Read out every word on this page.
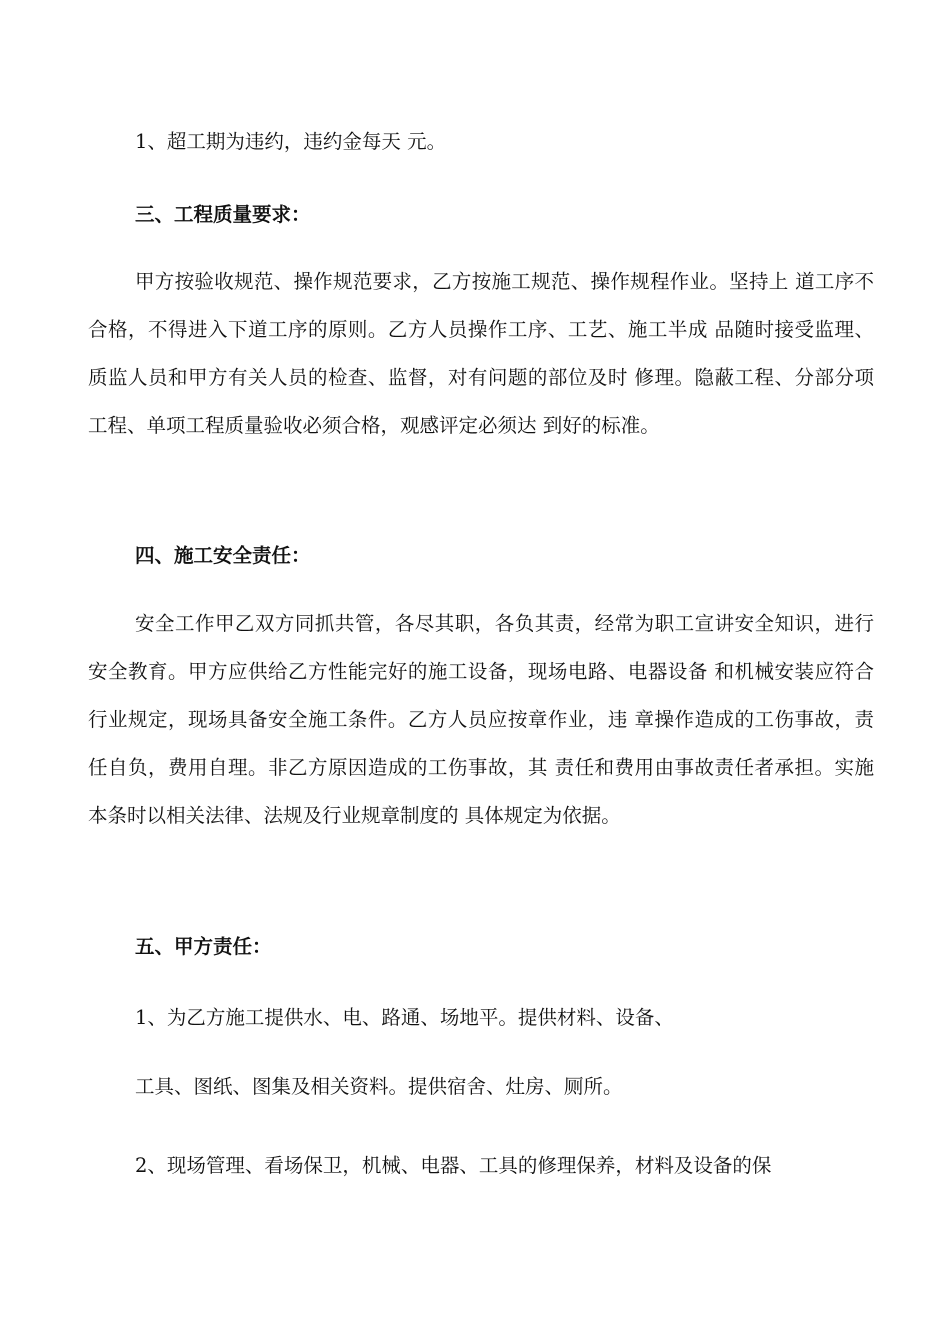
1、超工期为违约，违约金每天 元。
三、工程质量要求：
甲方按验收规范、操作规范要求，乙方按施工规范、操作规程作业。坚持上 道工序不合格，不得进入下道工序的原则。乙方人员操作工序、工艺、施工半成 品随时接受监理、质监人员和甲方有关人员的检查、监督，对有问题的部位及时 修理。隐蔽工程、分部分项工程、单项工程质量验收必须合格，观感评定必须达 到好的标准。
四、施工安全责任：
安全工作甲乙双方同抓共管，各尽其职，各负其责，经常为职工宣讲安全知识，进行安全教育。甲方应供给乙方性能完好的施工设备，现场电路、电器设备 和机械安装应符合行业规定，现场具备安全施工条件。乙方人员应按章作业，违 章操作造成的工伤事故，责任自负，费用自理。非乙方原因造成的工伤事故，其 责任和费用由事故责任者承担。实施本条时以相关法律、法规及行业规章制度的 具体规定为依据。
五、甲方责任：
1、为乙方施工提供水、电、路通、场地平。提供材料、设备、
工具、图纸、图集及相关资料。提供宿舍、灶房、厕所。
2、现场管理、看场保卫，机械、电器、工具的修理保养，材料及设备的保
